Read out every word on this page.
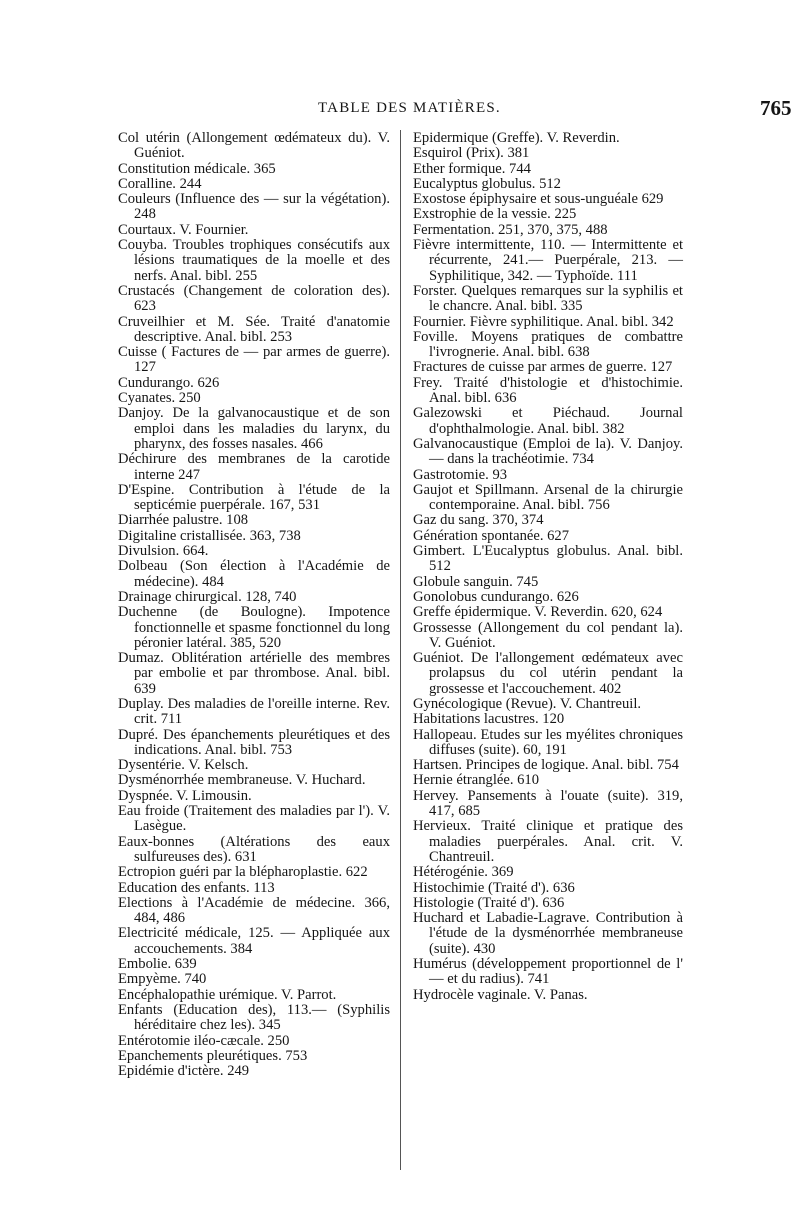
TABLE DES MATIÈRES.	765
Col utérin (Allongement œdémateux du). V. Guéniot.
Constitution médicale. 365
Coralline. 244
Couleurs (Influence des — sur la végétation). 248
Courtaux. V. Fournier.
Couyba. Troubles trophiques consécutifs aux lésions traumatiques de la moelle et des nerfs. Anal. bibl. 255
Crustacés (Changement de coloration des). 623
Cruveilhier et M. Sée. Traité d'anatomie descriptive. Anal. bibl. 253
Cuisse ( Factures de — par armes de guerre). 127
Cundurango. 626
Cyanates. 250
Danjoy. De la galvanocaustique et de son emploi dans les maladies du larynx, du pharynx, des fosses nasales. 466
Déchirure des membranes de la carotide interne 247
D'Espine. Contribution à l'étude de la septicémie puerpérale. 167, 531
Diarrhée palustre. 108
Digitaline cristallisée. 363, 738
Divulsion. 664.
Dolbeau (Son élection à l'Académie de médecine). 484
Drainage chirurgical. 128, 740
Duchenne (de Boulogne). Impotence fonctionnelle et spasme fonctionnel du long péronier latéral. 385, 520
Dumaz. Oblitération artérielle des membres par embolie et par thrombose. Anal. bibl. 639
Duplay. Des maladies de l'oreille interne. Rev. crit. 711
Dupré. Des épanchements pleurétiques et des indications. Anal. bibl. 753
Dysentérie. V. Kelsch.
Dysménorrhée membraneuse. V. Huchard.
Dyspnée. V. Limousin.
Eau froide (Traitement des maladies par l'). V. Lasègue.
Eaux-bonnes (Altérations des eaux sulfureuses des). 631
Ectropion guéri par la blépharoplastie. 622
Education des enfants. 113
Elections à l'Académie de médecine. 366, 484, 486
Electricité médicale, 125. — Appliquée aux accouchements. 384
Embolie. 639
Empyème. 740
Encéphalopathie urémique. V. Parrot.
Enfants (Education des), 113.— (Syphilis héréditaire chez les). 345
Entérotomie iléo-cæcale. 250
Epanchements pleurétiques. 753
Epidémie d'ictère. 249
Epidermique (Greffe). V. Reverdin.
Esquirol (Prix). 381
Ether formique. 744
Eucalyptus globulus. 512
Exostose épiphysaire et sous-unguéale 629
Exstrophie de la vessie. 225
Fermentation. 251, 370, 375, 488
Fièvre intermittente, 110. — Intermittente et récurrente, 241.— Puerpérale, 213. — Syphilitique, 342. — Typhoïde. 111
Forster. Quelques remarques sur la syphilis et le chancre. Anal. bibl. 335
Fournier. Fièvre syphilitique. Anal. bibl. 342
Foville. Moyens pratiques de combattre l'ivrognerie. Anal. bibl. 638
Fractures de cuisse par armes de guerre. 127
Frey. Traité d'histologie et d'histochimie. Anal. bibl. 636
Galezowski et Piéchaud. Journal d'ophthalmologie. Anal. bibl. 382
Galvanocaustique (Emploi de la). V. Danjoy. — dans la trachéotimie. 734
Gastrotomie. 93
Gaujot et Spillmann. Arsenal de la chirurgie contemporaine. Anal. bibl. 756
Gaz du sang. 370, 374
Génération spontanée. 627
Gimbert. L'Eucalyptus globulus. Anal. bibl. 512
Globule sanguin. 745
Gonolobus cundurango. 626
Greffe épidermique. V. Reverdin. 620, 624
Grossesse (Allongement du col pendant la). V. Guéniot.
Guéniot. De l'allongement œdémateux avec prolapsus du col utérin pendant la grossesse et l'accouchement. 402
Gynécologique (Revue). V. Chantreuil.
Habitations lacustres. 120
Hallopeau. Etudes sur les myélites chroniques diffuses (suite). 60, 191
Hartsen. Principes de logique. Anal. bibl. 754
Hernie étranglée. 610
Hervey. Pansements à l'ouate (suite). 319, 417, 685
Hervieux. Traité clinique et pratique des maladies puerpérales. Anal. crit. V. Chantreuil.
Hétérogénie. 369
Histochimie (Traité d'). 636
Histologie (Traité d'). 636
Huchard et Labadie-Lagrave. Contribution à l'étude de la dysménorrhée membraneuse (suite). 430
Humérus (développement proportionnel de l' — et du radius). 741
Hydrocèle vaginale. V. Panas.
